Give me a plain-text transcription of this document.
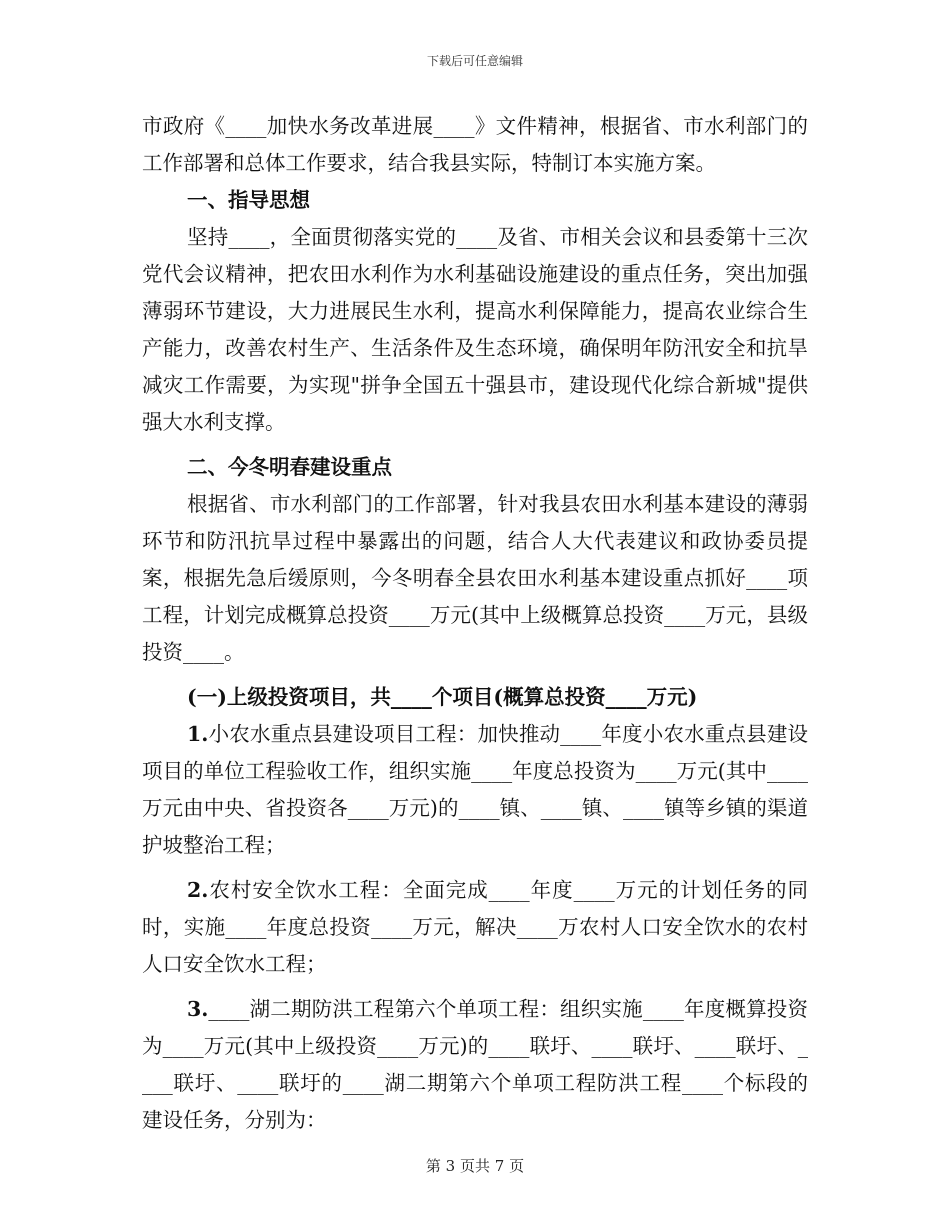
下载后可任意编辑

市政府《____加快水务改革进展____》文件精神，根据省、市水利部门的工作部署和总体工作要求，结合我县实际，特制订本实施方案。

一、指导思想

坚持____，全面贯彻落实党的____及省、市相关会议和县委第十三次党代会议精神，把农田水利作为水利基础设施建设的重点任务，突出加强薄弱环节建设，大力进展民生水利，提高水利保障能力，提高农业综合生产能力，改善农村生产、生活条件及生态环境，确保明年防汛安全和抗旱减灾工作需要，为实现"拼争全国五十强县市，建设现代化综合新城"提供强大水利支撑。

二、今冬明春建设重点

根据省、市水利部门的工作部署，针对我县农田水利基本建设的薄弱环节和防汛抗旱过程中暴露出的问题，结合人大代表建议和政协委员提案，根据先急后缓原则，今冬明春全县农田水利基本建设重点抓好____项工程，计划完成概算总投资____万元(其中上级概算总投资____万元，县级投资____。

(一)上级投资项目，共____个项目(概算总投资____万元)

1.小农水重点县建设项目工程：加快推动____年度小农水重点县建设项目的单位工程验收工作，组织实施____年度总投资为____万元(其中____万元由中央、省投资各____万元)的____镇、____镇、____镇等乡镇的渠道护坡整治工程；

2.农村安全饮水工程：全面完成____年度____万元的计划任务的同时，实施____年度总投资____万元，解决____万农村人口安全饮水的农村人口安全饮水工程；

3.____湖二期防洪工程第六个单项工程：组织实施____年度概算投资为____万元(其中上级投资____万元)的____联圩、____联圩、____联圩、____联圩、____联圩的____湖二期第六个单项工程防洪工程____个标段的建设任务，分别为：

第 3 页共 7 页
